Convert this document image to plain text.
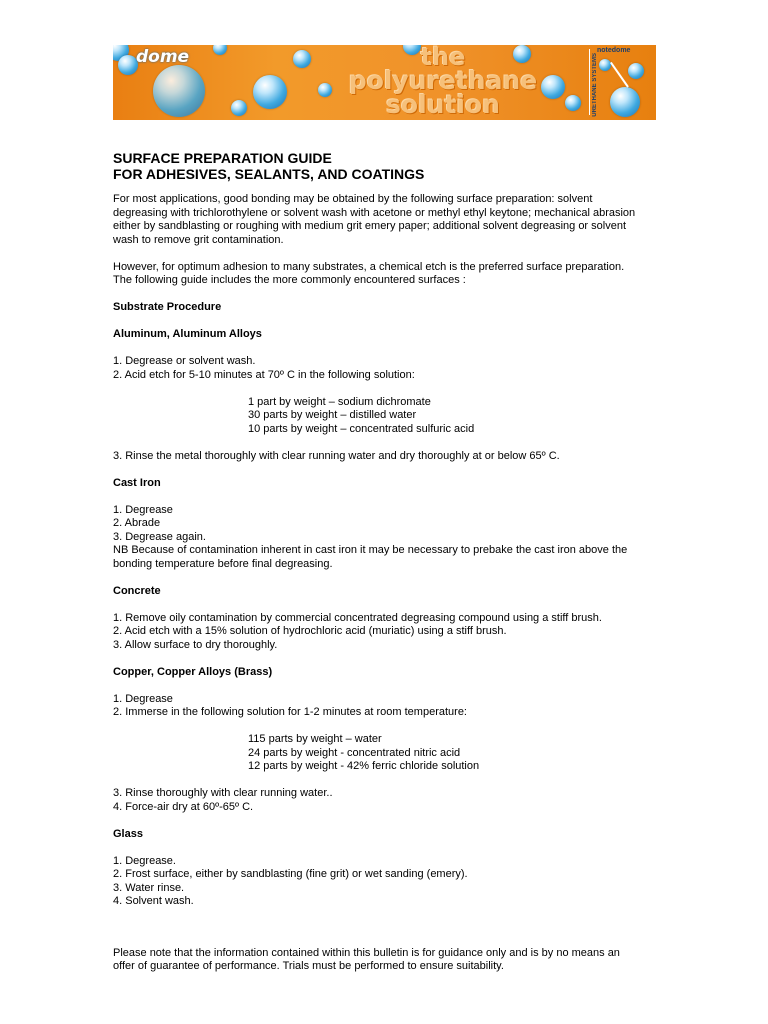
dome	the
polyurethane
solution	URETHANE SYSTEMS
notedome

SURFACE PREPARATION GUIDE

FOR ADHESIVES, SEALANTS, AND COATINGS

For most applications, good bonding may be obtained by the following surface preparation: solvent

degreasing with trichlorothylene or solvent wash with acetone or methyl ethyl keytone; mechanical abrasion

either by sandblasting or roughing with medium grit emery paper; additional solvent degreasing or solvent

wash to remove grit contamination.

However, for optimum adhesion to many substrates, a chemical etch is the preferred surface preparation.

The following guide includes the more commonly encountered surfaces :

Substrate Procedure

Aluminum, Aluminum Alloys

1. Degrease or solvent wash.

2. Acid etch for 5-10 minutes at 70º C in the following solution:

1 part by weight – sodium dichromate

30 parts by weight – distilled water

10 parts by weight – concentrated sulfuric acid

3. Rinse the metal thoroughly with clear running water and dry thoroughly at or below 65º C.

Cast Iron

1. Degrease

2. Abrade

3. Degrease again.

NB Because of contamination inherent in cast iron it may be necessary to prebake the cast iron above the

bonding temperature before final degreasing.

Concrete

1. Remove oily contamination by commercial concentrated degreasing compound using a stiff brush.

2. Acid etch with a 15% solution of hydrochloric acid (muriatic) using a stiff brush.

3. Allow surface to dry thoroughly.

Copper, Copper Alloys (Brass)

1. Degrease

2. Immerse in the following solution for 1-2 minutes at room temperature:

115 parts by weight – water

24 parts by weight - concentrated nitric acid

12 parts by weight - 42% ferric chloride solution

3. Rinse thoroughly with clear running water..

4. Force-air dry at 60º-65º C.

Glass

1. Degrease.

2. Frost surface, either by sandblasting (fine grit) or wet sanding (emery).

3. Water rinse.

4. Solvent wash.

Please note that the information contained within this bulletin is for guidance only and is by no means an

offer of guarantee of performance. Trials must be performed to ensure suitability.
